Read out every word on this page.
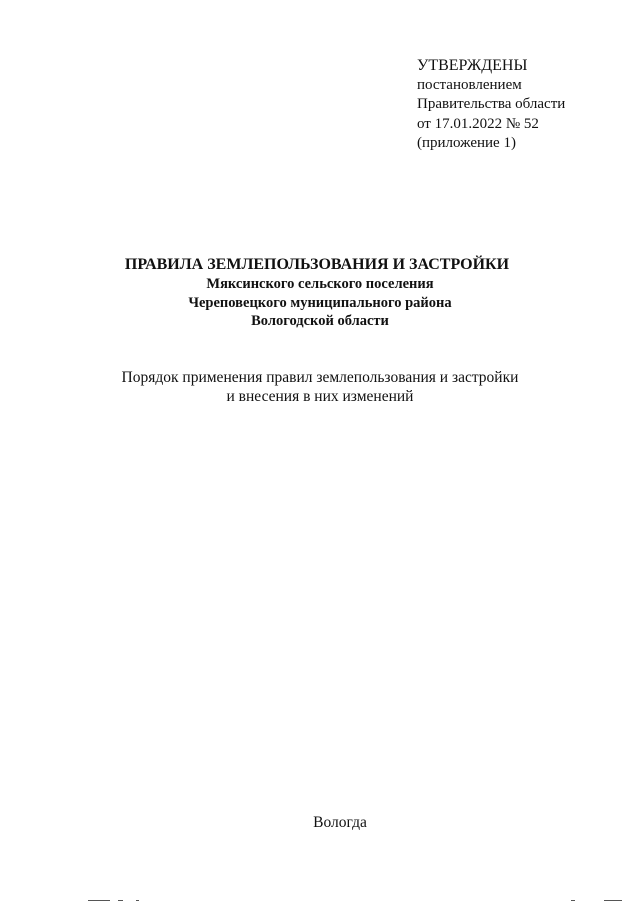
УТВЕРЖДЕНЫ
постановлением
Правительства области
от 17.01.2022 № 52
(приложение 1)
ПРАВИЛА ЗЕМЛЕПОЛЬЗОВАНИЯ И ЗАСТРОЙКИ
Мяксинского сельского поселения
Череповецкого муниципального района
Вологодской области
Порядок применения правил землепользования и застройки
и внесения в них изменений
Вологда
